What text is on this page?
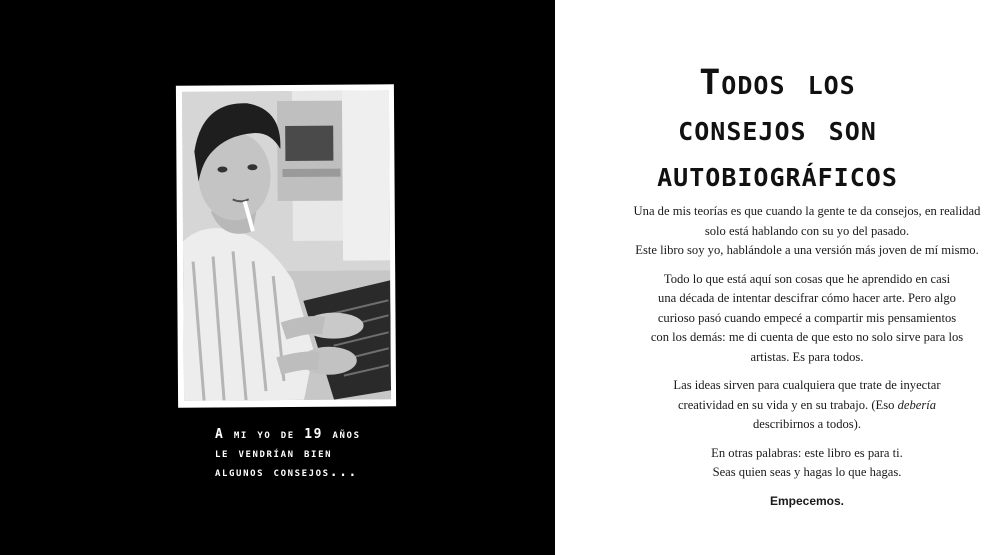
A mi yo de 19 años
le vendrían bien
algunos consejos...
Todos los
consejos son
autobiográficos

Una de mis teorías es que cuando la gente te da consejos, en realidad
solo está hablando con su yo del pasado.
Este libro soy yo, hablándole a una versión más joven de mí mismo.

Todo lo que está aquí son cosas que he aprendido en casi
una década de intentar descifrar cómo hacer arte. Pero algo
curioso pasó cuando empecé a compartir mis pensamientos
con los demás: me di cuenta de que esto no solo sirve para los
artistas. Es para todos.

Las ideas sirven para cualquiera que trate de inyectar
creatividad en su vida y en su trabajo. (Eso debería
describirnos a todos).

En otras palabras: este libro es para ti.
Seas quien seas y hagas lo que hagas.

Empecemos.
